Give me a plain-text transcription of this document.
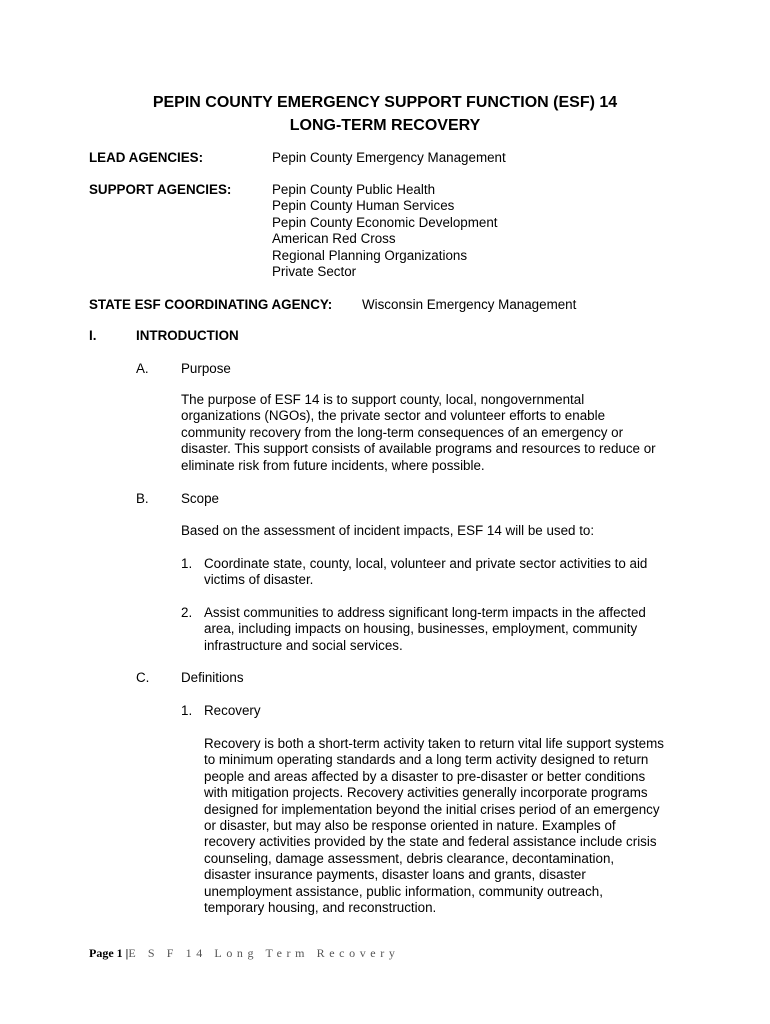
PEPIN COUNTY EMERGENCY SUPPORT FUNCTION (ESF) 14
LONG-TERM RECOVERY
LEAD AGENCIES:	Pepin County Emergency Management
SUPPORT AGENCIES:	Pepin County Public Health
Pepin County Human Services
Pepin County Economic Development
American Red Cross
Regional Planning Organizations
Private Sector
STATE ESF COORDINATING AGENCY: Wisconsin Emergency Management
I.	INTRODUCTION
A. Purpose
The purpose of ESF 14 is to support county, local, nongovernmental
organizations (NGOs), the private sector and volunteer efforts to enable
community recovery from the long-term consequences of an emergency or
disaster. This support consists of available programs and resources to reduce or
eliminate risk from future incidents, where possible.
B. Scope
Based on the assessment of incident impacts, ESF 14 will be used to:
1. Coordinate state, county, local, volunteer and private sector activities to aid
victims of disaster.
2. Assist communities to address significant long-term impacts in the affected
area, including impacts on housing, businesses, employment, community
infrastructure and social services.
C. Definitions
1. Recovery
Recovery is both a short-term activity taken to return vital life support systems
to minimum operating standards and a long term activity designed to return
people and areas affected by a disaster to pre-disaster or better conditions
with mitigation projects. Recovery activities generally incorporate programs
designed for implementation beyond the initial crises period of an emergency
or disaster, but may also be response oriented in nature. Examples of
recovery activities provided by the state and federal assistance include crisis
counseling, damage assessment, debris clearance, decontamination,
disaster insurance payments, disaster loans and grants, disaster
unemployment assistance, public information, community outreach,
temporary housing, and reconstruction.
Page 1 |E S F 14 Long Term Recovery
